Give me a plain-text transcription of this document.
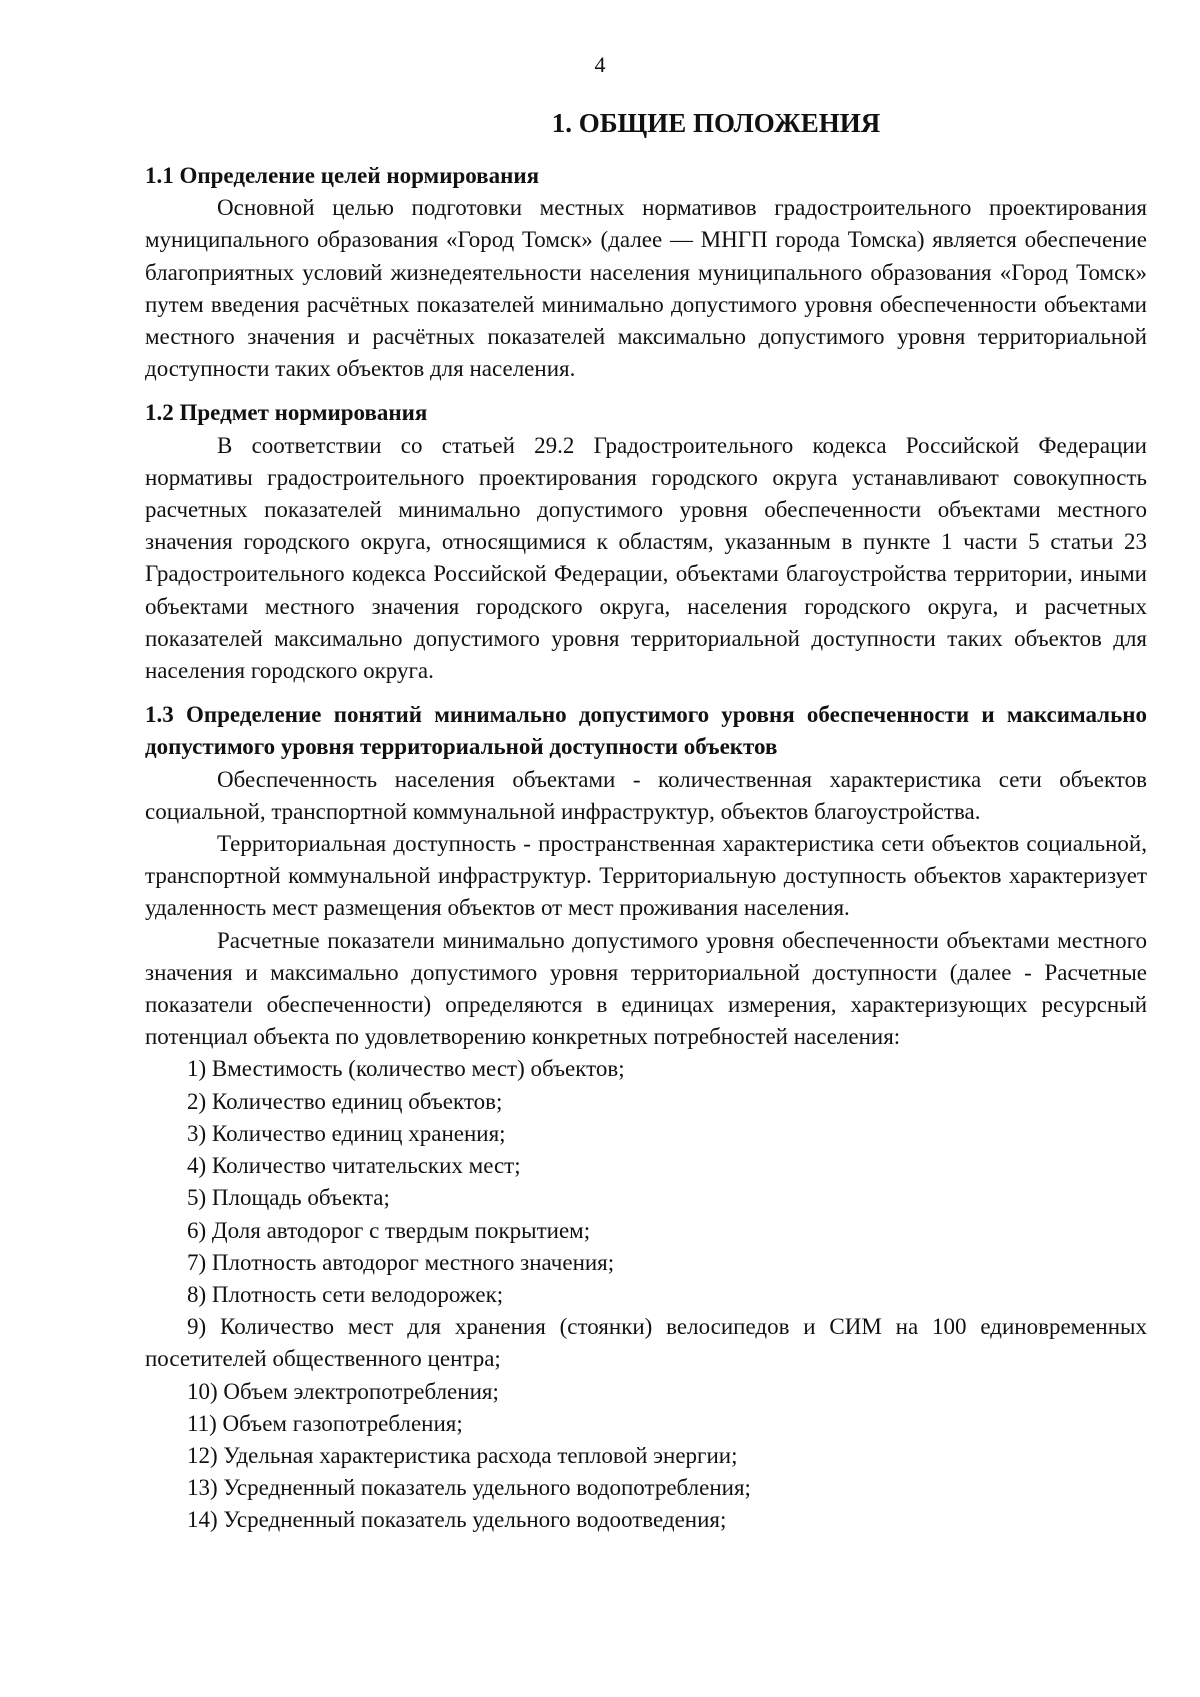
4
1. ОБЩИЕ ПОЛОЖЕНИЯ

1.1 Определение целей нормирования

Основной целью подготовки местных нормативов градостроительного проектирования муниципального образования «Город Томск» (далее — МНГП города Томска) является обеспечение благоприятных условий жизнедеятельности населения муниципального образования «Город Томск» путем введения расчётных показателей минимально допустимого уровня обеспеченности объектами местного значения и расчётных показателей максимально допустимого уровня территориальной доступности таких объектов для населения.

1.2 Предмет нормирования

В соответствии со статьей 29.2 Градостроительного кодекса Российской Федерации нормативы градостроительного проектирования городского округа устанавливают совокупность расчетных показателей минимально допустимого уровня обеспеченности объектами местного значения городского округа, относящимися к областям, указанным в пункте 1 части 5 статьи 23 Градостроительного кодекса Российской Федерации, объектами благоустройства территории, иными объектами местного значения городского округа, населения городского округа, и расчетных показателей максимально допустимого уровня территориальной доступности таких объектов для населения городского округа.

1.3 Определение понятий минимально допустимого уровня обеспеченности и максимально допустимого уровня территориальной доступности объектов

Обеспеченность населения объектами - количественная характеристика сети объектов социальной, транспортной коммунальной инфраструктур, объектов благоустройства.

Территориальная доступность - пространственная характеристика сети объектов социальной, транспортной коммунальной инфраструктур. Территориальную доступность объектов характеризует удаленность мест размещения объектов от мест проживания населения.

Расчетные показатели минимально допустимого уровня обеспеченности объектами местного значения и максимально допустимого уровня территориальной доступности (далее - Расчетные показатели обеспеченности) определяются в единицах измерения, характеризующих ресурсный потенциал объекта по удовлетворению конкретных потребностей населения:

1) Вместимость (количество мест) объектов;

2) Количество единиц объектов;

3) Количество единиц хранения;

4) Количество читательских мест;

5) Площадь объекта;

6) Доля автодорог с твердым покрытием;

7) Плотность автодорог местного значения;

8) Плотность сети велодорожек;

9) Количество мест для хранения (стоянки) велосипедов и СИМ на 100 единовременных посетителей общественного центра;

10) Объем электропотребления;

11) Объем газопотребления;

12) Удельная характеристика расхода тепловой энергии;

13) Усредненный показатель удельного водопотребления;

14) Усредненный показатель удельного водоотведения;
